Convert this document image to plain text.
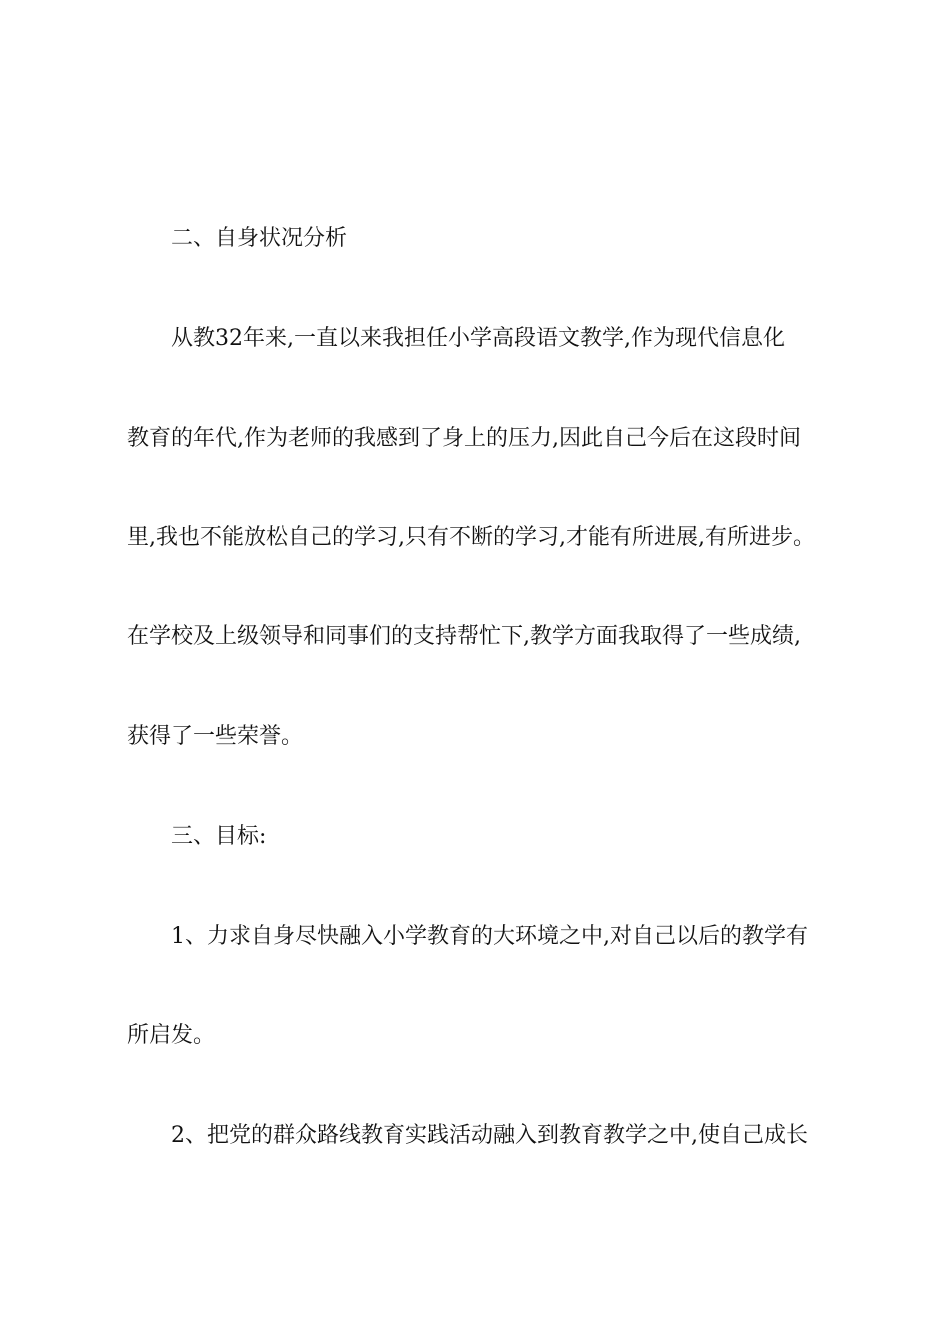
二、自身状况分析

从教32年来,一直以来我担任小学高段语文教学,作为现代信息化

教育的年代,作为老师的我感到了身上的压力,因此自己今后在这段时间

里,我也不能放松自己的学习,只有不断的学习,才能有所进展,有所进步。

在学校及上级领导和同事们的支持帮忙下,教学方面我取得了一些成绩,

获得了一些荣誉。

三、目标:

1、力求自身尽快融入小学教育的大环境之中,对自己以后的教学有

所启发。

2、把党的群众路线教育实践活动融入到教育教学之中,使自己成长
